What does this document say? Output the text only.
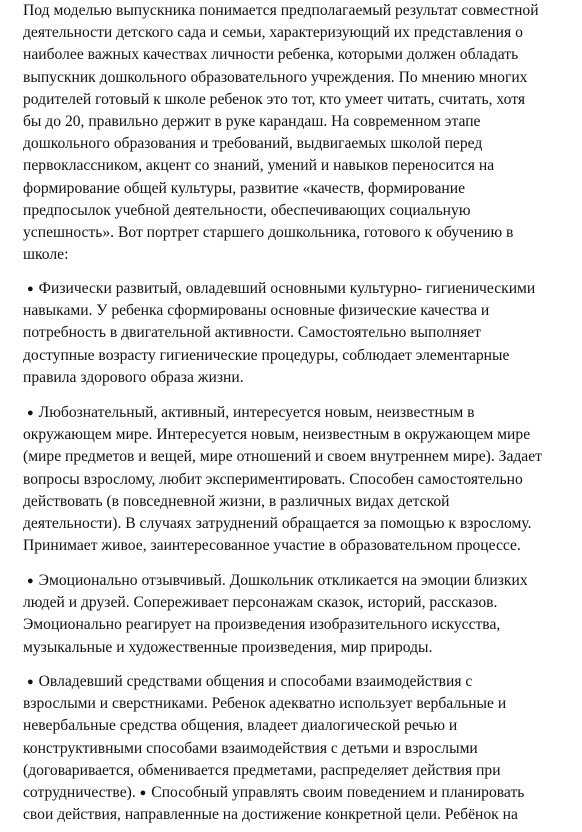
Под моделью выпускника понимается предполагаемый результат совместной
деятельности детского сада и семьи, характеризующий их представления о
наиболее важных качествах личности ребенка, которыми должен обладать
выпускник дошкольного образовательного учреждения. По мнению многих
родителей готовый к школе ребенок это тот, кто умеет читать, считать, хотя
бы до 20, правильно держит в руке карандаш. На современном этапе
дошкольного образования и требований, выдвигаемых школой перед
первоклассником, акцент со знаний, умений и навыков переносится на
формирование общей культуры, развитие «качеств, формирование
предпосылок учебной деятельности, обеспечивающих социальную
успешность». Вот портрет старшего дошкольника, готового к обучению в
школе:

● Физически развитый, овладевший основными культурно- гигиеническими
навыками. У ребенка сформированы основные физические качества и
потребность в двигательной активности. Самостоятельно выполняет
доступные возрасту гигиенические процедуры, соблюдает элементарные
правила здорового образа жизни.

● Любознательный, активный, интересуется новым, неизвестным в
окружающем мире. Интересуется новым, неизвестным в окружающем мире
(мире предметов и вещей, мире отношений и своем внутреннем мире). Задает
вопросы взрослому, любит экспериментировать. Способен самостоятельно
действовать (в повседневной жизни, в различных видах детской
деятельности). В случаях затруднений обращается за помощью к взрослому.
Принимает живое, заинтересованное участие в образовательном процессе.

● Эмоционально отзывчивый. Дошкольник откликается на эмоции близких
людей и друзей. Сопереживает персонажам сказок, историй, рассказов.
Эмоционально реагирует на произведения изобразительного искусства,
музыкальные и художественные произведения, мир природы.

● Овладевший средствами общения и способами взаимодействия с
взрослыми и сверстниками. Ребенок адекватно использует вербальные и
невербальные средства общения, владеет диалогической речью и
конструктивными способами взаимодействия с детьми и взрослыми
(договаривается, обменивается предметами, распределяет действия при
сотрудничестве). ● Способный управлять своим поведением и планировать
свои действия, направленные на достижение конкретной цели. Ребёнок на
